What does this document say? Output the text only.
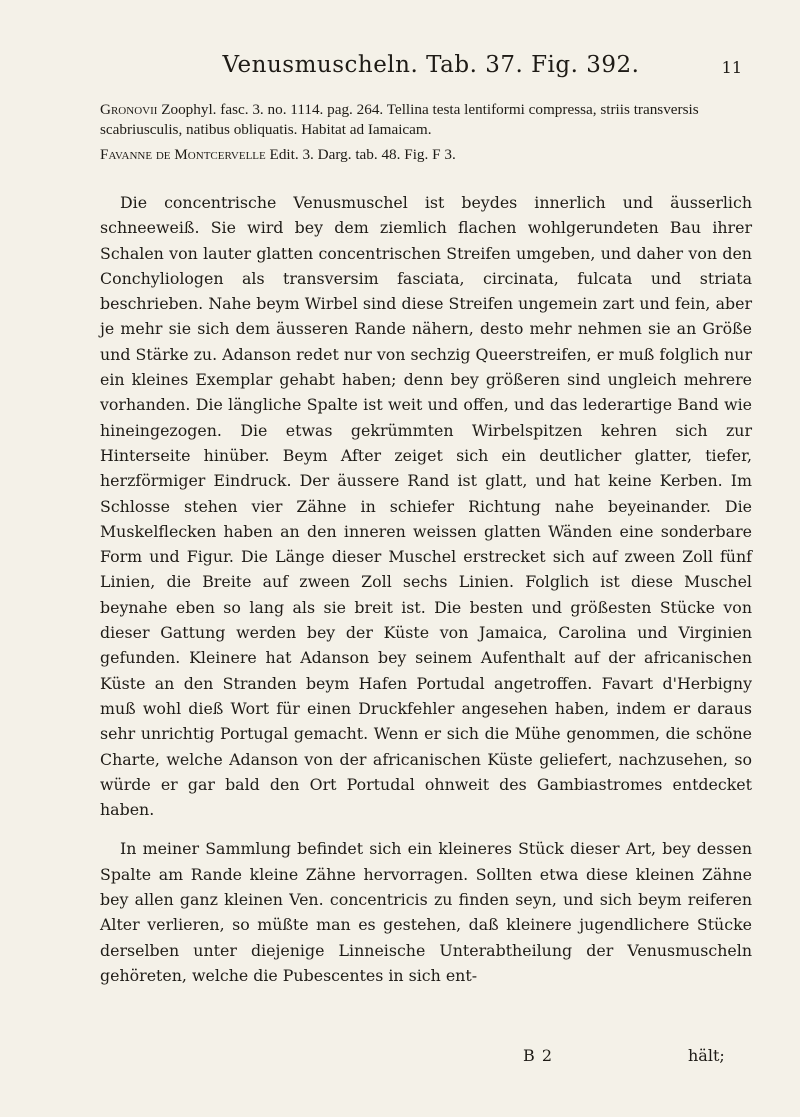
Venusmuscheln. Tab. 37. Fig. 392.	11

Gronovii Zoophyl. fasc. 3. no. 1114. pag. 264. Tellina testa lentiformi compressa, striis transversis scabriusculis, natibus obliquatis. Habitat ad Iamaicam.

Favanne de Montcervelle Edit. 3. Darg. tab. 48. Fig. F 3.

Die concentrische Venusmuschel ist beydes innerlich und äusserlich schneeweiß. Sie wird bey dem ziemlich flachen wohlgerundeten Bau ihrer Schalen von lauter glatten concentrischen Streifen umgeben, und daher von den Conchyliologen als transversim fasciata, circinata, fulcata und striata beschrieben. Nahe beym Wirbel sind diese Streifen ungemein zart und fein, aber je mehr sie sich dem äusseren Rande nähern, desto mehr nehmen sie an Größe und Stärke zu. Adanson redet nur von sechzig Queerstreifen, er muß folglich nur ein kleines Exemplar gehabt haben; denn bey größeren sind ungleich mehrere vorhanden. Die längliche Spalte ist weit und offen, und das lederartige Band wie hineingezogen. Die etwas gekrümmten Wirbelspitzen kehren sich zur Hinterseite hinüber. Beym After zeiget sich ein deutlicher glatter, tiefer, herzförmiger Eindruck. Der äussere Rand ist glatt, und hat keine Kerben. Im Schlosse stehen vier Zähne in schiefer Richtung nahe beyeinander. Die Muskelflecken haben an den inneren weissen glatten Wänden eine sonderbare Form und Figur. Die Länge dieser Muschel erstrecket sich auf zween Zoll fünf Linien, die Breite auf zween Zoll sechs Linien. Folglich ist diese Muschel beynahe eben so lang als sie breit ist. Die besten und größesten Stücke von dieser Gattung werden bey der Küste von Jamaica, Carolina und Virginien gefunden. Kleinere hat Adanson bey seinem Aufenthalt auf der africanischen Küste an den Stranden beym Hafen Portudal angetroffen. Favart d'Herbigny muß wohl dieß Wort für einen Druckfehler angesehen haben, indem er daraus sehr unrichtig Portugal gemacht. Wenn er sich die Mühe genommen, die schöne Charte, welche Adanson von der africanischen Küste geliefert, nachzusehen, so würde er gar bald den Ort Portudal ohnweit des Gambiastromes entdecket haben.

In meiner Sammlung befindet sich ein kleineres Stück dieser Art, bey dessen Spalte am Rande kleine Zähne hervorragen. Sollten etwa diese kleinen Zähne bey allen ganz kleinen Ven. concentricis zu finden seyn, und sich beym reiferen Alter verlieren, so müßte man es gestehen, daß kleinere jugendlichere Stücke derselben unter diejenige Linneische Unterabtheilung der Venusmuscheln gehöreten, welche die Pubescentes in sich ent-

B 2	hält;
